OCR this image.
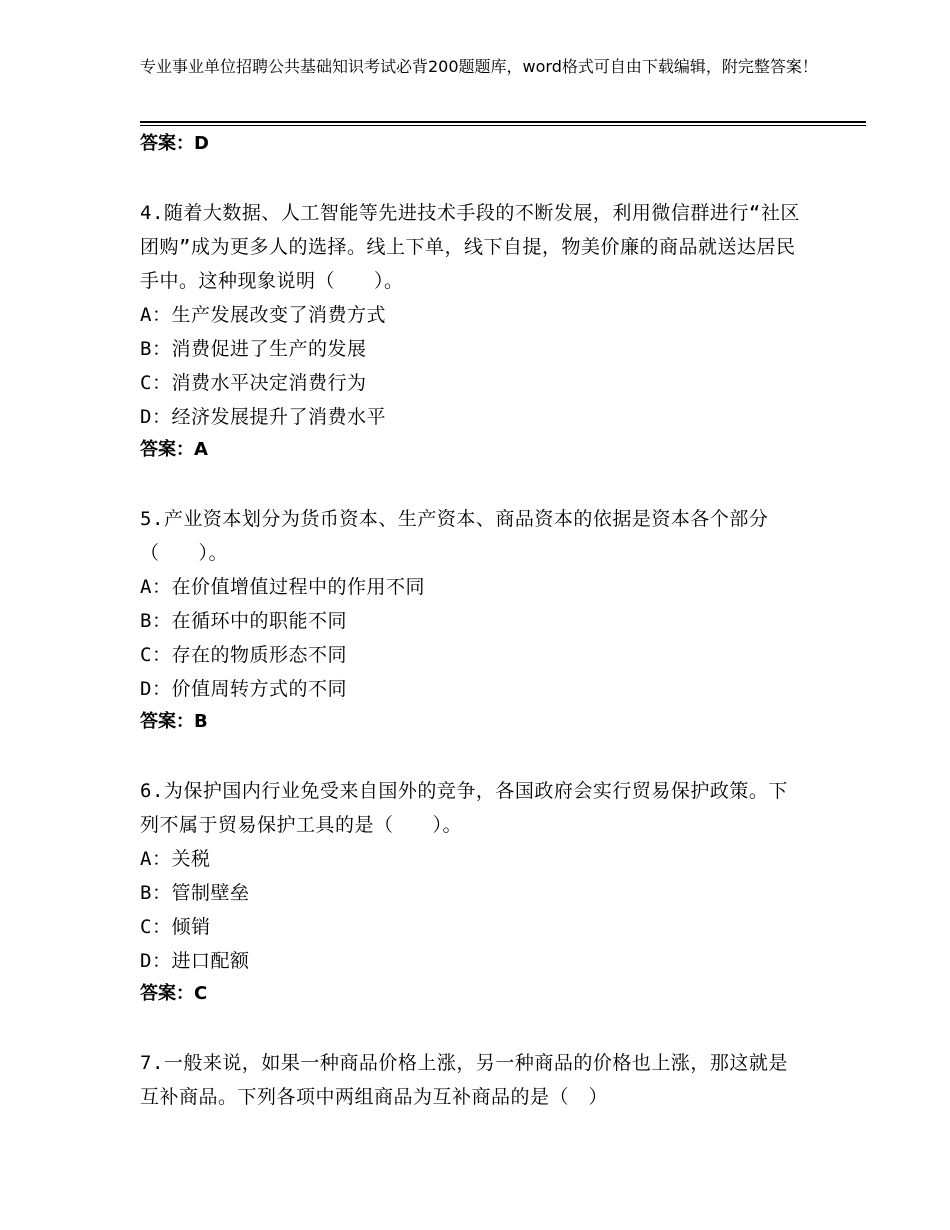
专业事业单位招聘公共基础知识考试必背200题题库，word格式可自由下载编辑，附完整答案！

答案：D

4.随着大数据、人工智能等先进技术手段的不断发展，利用微信群进行“社区团购”成为更多人的选择。线上下单，线下自提，物美价廉的商品就送达居民手中。这种现象说明（　　）。

A：生产发展改变了消费方式

B：消费促进了生产的发展

C：消费水平决定消费行为

D：经济发展提升了消费水平

答案：A

5.产业资本划分为货币资本、生产资本、商品资本的依据是资本各个部分（　　）。

A：在价值增值过程中的作用不同

B：在循环中的职能不同

C：存在的物质形态不同

D：价值周转方式的不同

答案：B

6.为保护国内行业免受来自国外的竞争，各国政府会实行贸易保护政策。下列不属于贸易保护工具的是（　　）。

A：关税

B：管制壁垒

C：倾销

D：进口配额

答案：C

7.一般来说，如果一种商品价格上涨，另一种商品的价格也上涨，那这就是互补商品。下列各项中两组商品为互补商品的是（　）
